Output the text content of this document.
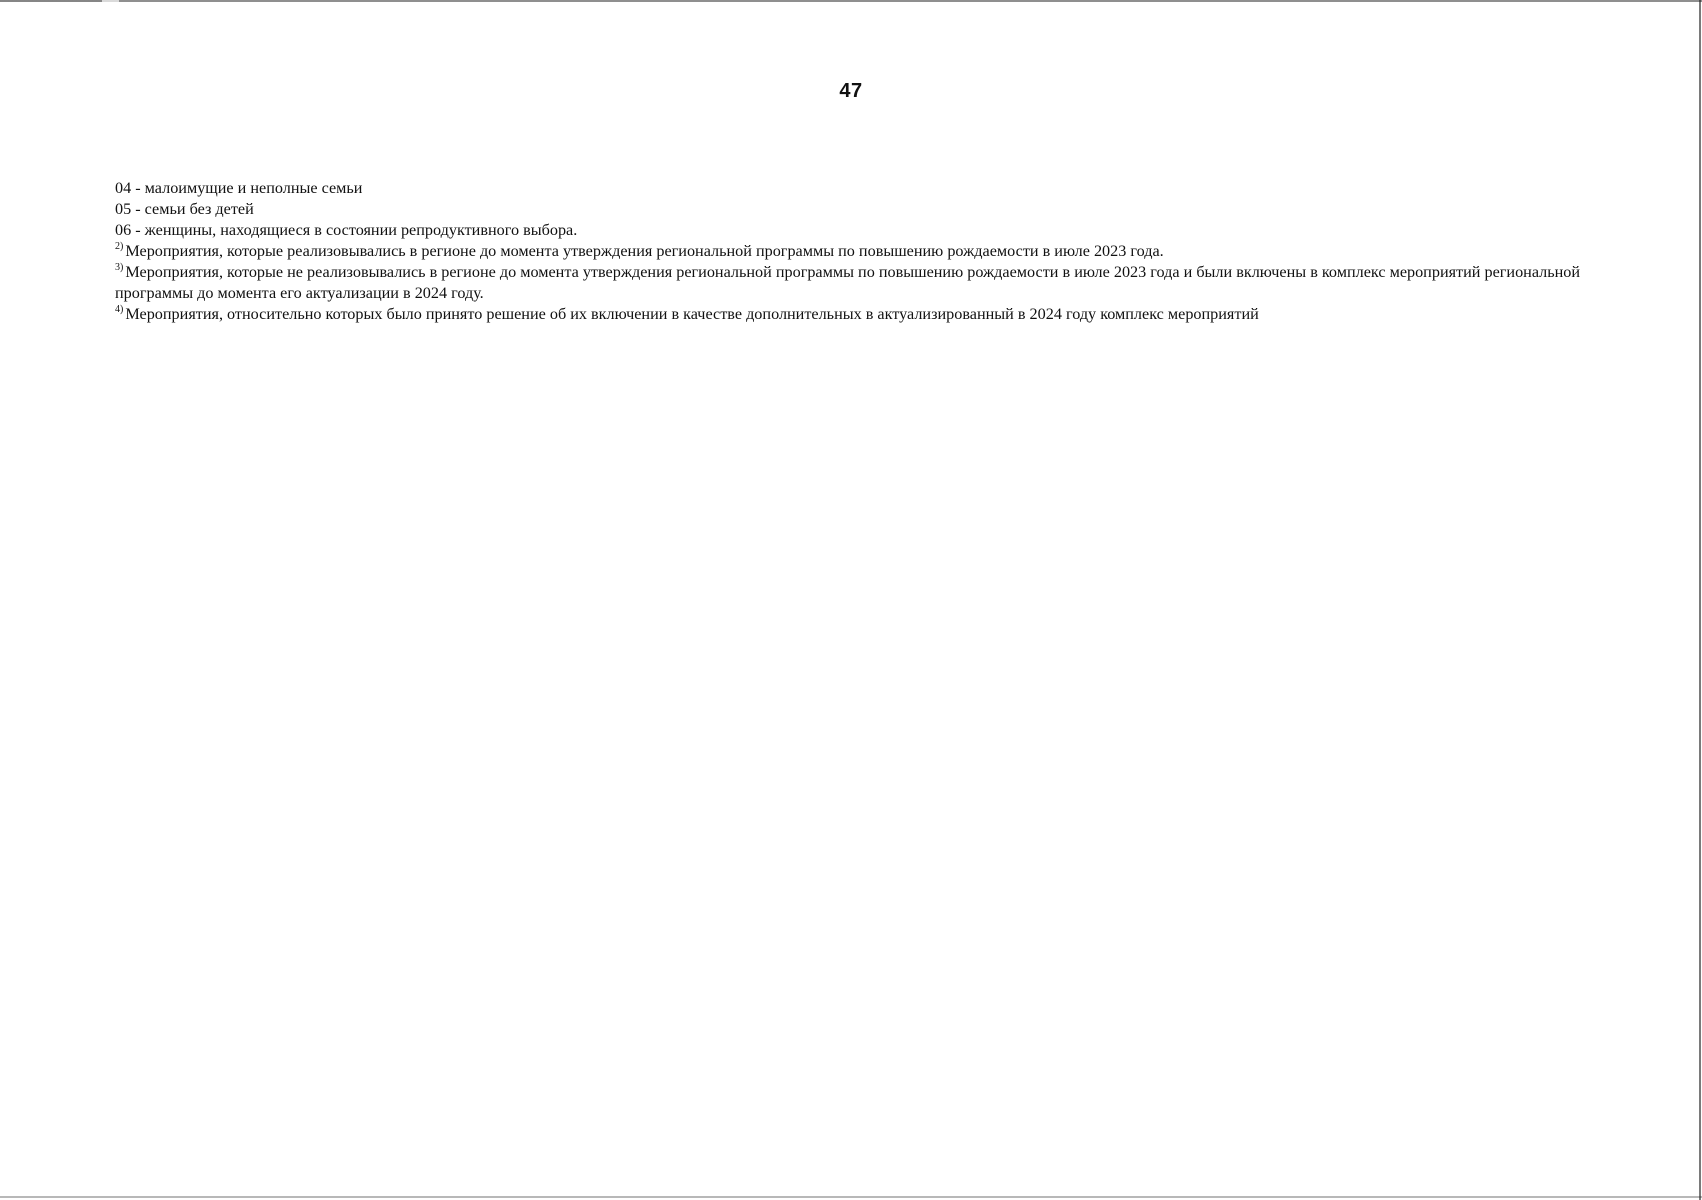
47
04 - малоимущие и неполные семьи
05 - семьи без детей
06 - женщины, находящиеся в состоянии репродуктивного выбора.
$^{2)}$ Мероприятия, которые реализовывались в регионе до момента утверждения региональной программы по повышению рождаемости в июле 2023 года.
$^{3)}$ Мероприятия, которые не реализовывались в регионе до момента утверждения региональной программы по повышению рождаемости в июле 2023 года и были включены в комплекс мероприятий региональной программы до момента его актуализации в 2024 году.
$^{4)}$ Мероприятия, относительно которых было принято решение об их включении в качестве дополнительных в актуализированный в 2024 году комплекс мероприятий
